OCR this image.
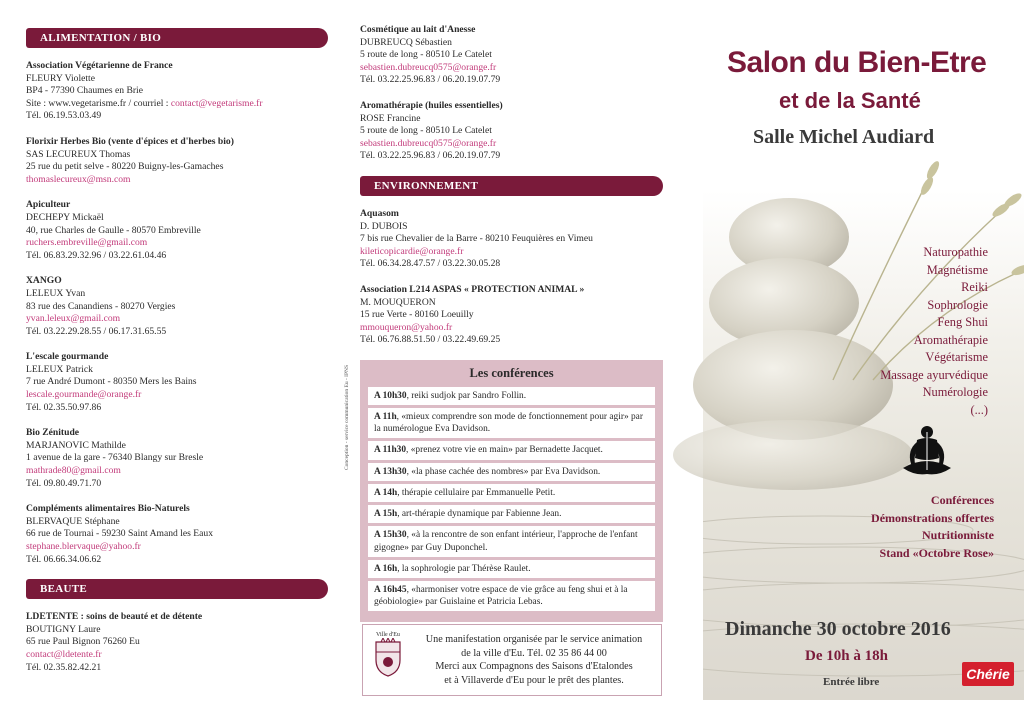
ALIMENTATION / BIO
Association Végétarienne de France
FLEURY Violette
BP4 - 77390 Chaumes en Brie
Site : www.vegetarisme.fr / courriel : contact@vegetarisme.fr
Tél. 06.19.53.03.49
Florixir Herbes Bio (vente d'épices et d'herbes bio)
SAS LECUREUX Thomas
25 rue du petit selve - 80220 Buigny-les-Gamaches
thomaslecureux@msn.com
Apiculteur
DECHEPY Mickaël
40, rue Charles de Gaulle - 80570 Embreville
ruchers.embreville@gmail.com
Tél. 06.83.29.32.96 / 03.22.61.04.46
XANGO
LELEUX Yvan
83 rue des Canandiens - 80270 Vergies
yvan.leleux@gmail.com
Tél. 03.22.29.28.55 / 06.17.31.65.55
L'escale gourmande
LELEUX Patrick
7 rue André Dumont - 80350 Mers les Bains
lescale.gourmande@orange.fr
Tél. 02.35.50.97.86
Bio Zénitude
MARJANOVIC Mathilde
1 avenue de la gare - 76340 Blangy sur Bresle
mathrade80@gmail.com
Tél. 09.80.49.71.70
Compléments alimentaires Bio-Naturels
BLERVAQUE Stéphane
66 rue de Tournai - 59230 Saint Amand les Eaux
stephane.blervaque@yahoo.fr
Tél. 06.66.34.06.62
BEAUTE
LDETENTE : soins de beauté et de détente
BOUTIGNY Laure
65 rue Paul Bignon 76260 Eu
contact@ldetente.fr
Tél. 02.35.82.42.21
Cosmétique au lait d'Anesse
DUBREUCQ Sébastien
5 route de long - 80510 Le Catelet
sebastien.dubreucq0575@orange.fr
Tél. 03.22.25.96.83 / 06.20.19.07.79
Aromathérapie (huiles essentielles)
ROSE Francine
5 route de long - 80510 Le Catelet
sebastien.dubreucq0575@orange.fr
Tél. 03.22.25.96.83 / 06.20.19.07.79
ENVIRONNEMENT
Aquasom
D. DUBOIS
7 bis rue Chevalier de la Barre - 80210 Feuquières en Vimeu
kileticopicardie@orange.fr
Tél. 06.34.28.47.57 / 03.22.30.05.28
Association L214 ASPAS « PROTECTION ANIMAL »
M. MOUQUERON
15 rue Verte - 80160 Loeuilly
mmouqueron@yahoo.fr
Tél. 06.76.88.51.50 / 03.22.49.69.25
Les conférences
A 10h30, reiki sudjok par Sandro Follin.
A 11h, «mieux comprendre son mode de fonctionnement pour agir» par la numérologue Eva Davidson.
A 11h30, «prenez votre vie en main» par Bernadette Jacquet.
A 13h30, «la phase cachée des nombres» par Eva Davidson.
A 14h, thérapie cellulaire par Emmanuelle Petit.
A 15h, art-thérapie dynamique par Fabienne Jean.
A 15h30, «à la rencontre de son enfant intérieur, l'approche de l'enfant gigogne» par Guy Duponchel.
A 16h, la sophrologie par Thérèse Raulet.
A 16h45, «harmoniser votre espace de vie grâce au feng shui et à la géobiologie» par Guislaine et Patricia Lebas.
Conception - service communication Eu - IPNS
Ville d'Eu	Une manifestation organisée par le service animation
de la ville d'Eu. Tél. 02 35 86 44 00
Merci aux Compagnons des Saisons d'Etalondes
et à Villaverde d'Eu pour le prêt des plantes.
Salon du Bien-Etre
et de la Santé
Salle Michel Audiard
Naturopathie
Magnétisme
Reiki
Sophrologie
Feng Shui
Aromathérapie
Végétarisme
Massage ayurvédique
Numérologie
(...)
Conférences
Démonstrations offertes
Nutritionniste
Stand «Octobre Rose»
Dimanche 30 octobre 2016
De 10h à 18h
Entrée libre	Chérie
